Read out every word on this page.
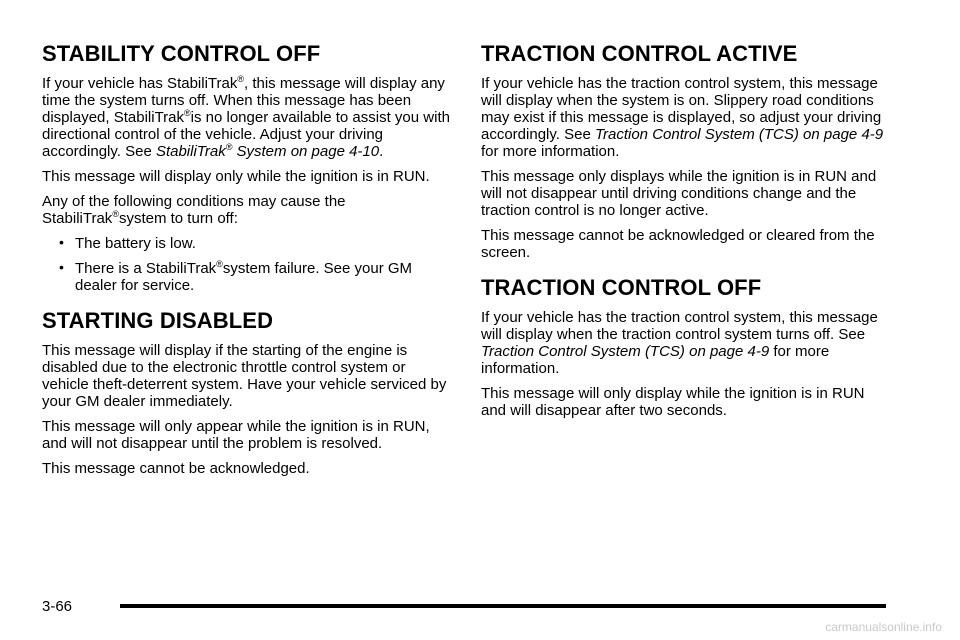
STABILITY CONTROL OFF

If your vehicle has StabiliTrak®, this message will display any time the system turns off. When this message has been displayed, StabiliTrak®is no longer available to assist you with directional control of the vehicle. Adjust your driving accordingly. See StabiliTrak® System on page 4-10.

This message will display only while the ignition is in RUN.

Any of the following conditions may cause the StabiliTrak®system to turn off:

• The battery is low.
• There is a StabiliTrak®system failure. See your GM dealer for service.
STARTING DISABLED

This message will display if the starting of the engine is disabled due to the electronic throttle control system or vehicle theft-deterrent system. Have your vehicle serviced by your GM dealer immediately.

This message will only appear while the ignition is in RUN, and will not disappear until the problem is resolved.

This message cannot be acknowledged.

TRACTION CONTROL ACTIVE

If your vehicle has the traction control system, this message will display when the system is on. Slippery road conditions may exist if this message is displayed, so adjust your driving accordingly. See Traction Control System (TCS) on page 4-9 for more information.

This message only displays while the ignition is in RUN and will not disappear until driving conditions change and the traction control is no longer active.

This message cannot be acknowledged or cleared from the screen.

TRACTION CONTROL OFF

If your vehicle has the traction control system, this message will display when the traction control system turns off. See Traction Control System (TCS) on page 4-9 for more information.

This message will only display while the ignition is in RUN and will disappear after two seconds.

3-66
carmanualsonline.info
